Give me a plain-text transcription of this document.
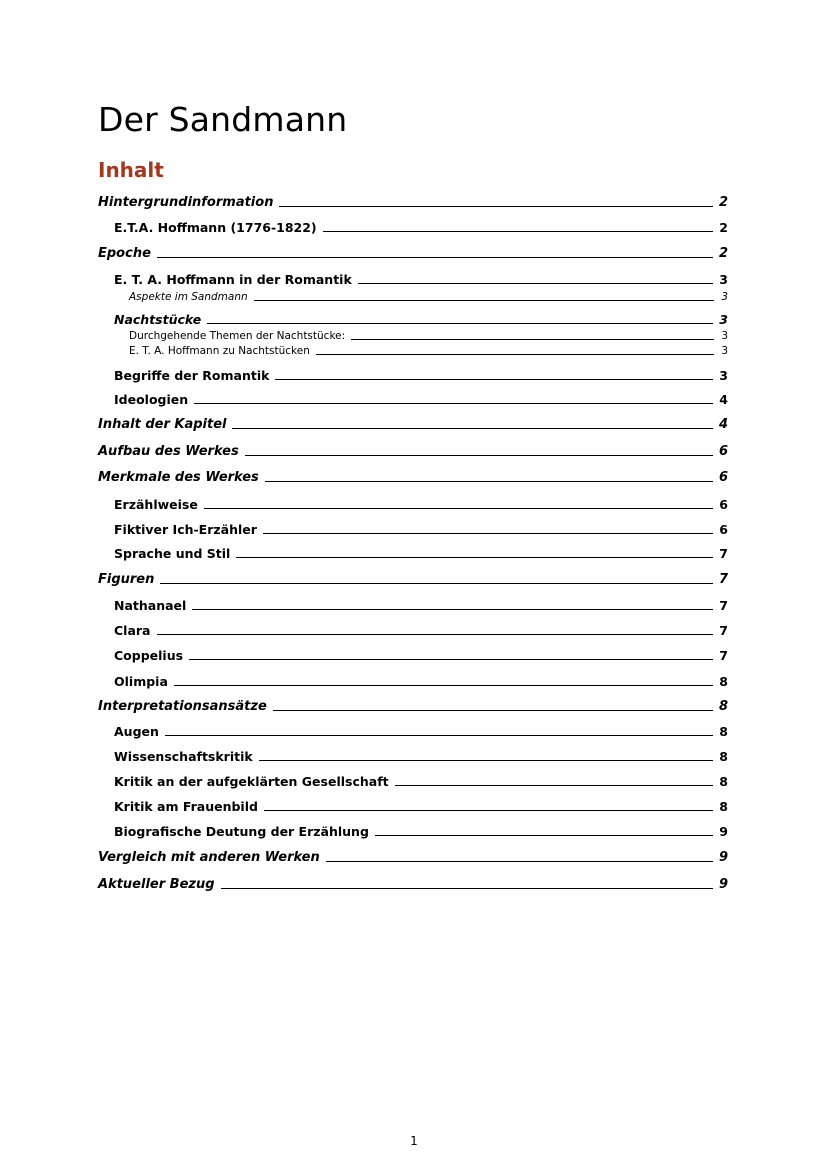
Der Sandmann
Inhalt
Hintergrundinformation	2
E.T.A. Hoffmann (1776-1822)	2
Epoche	2
E. T. A. Hoffmann in der Romantik	3
Aspekte im Sandmann	3
Nachtstücke	3
Durchgehende Themen der Nachtstücke:	3
E. T. A. Hoffmann zu Nachtstücken	3
Begriffe der Romantik	3
Ideologien	4
Inhalt der Kapitel	4
Aufbau des Werkes	6
Merkmale des Werkes	6
Erzählweise	6
Fiktiver Ich-Erzähler	6
Sprache und Stil	7
Figuren	7
Nathanael	7
Clara	7
Coppelius	7
Olimpia	8
Interpretationsansätze	8
Augen	8
Wissenschaftskritik	8
Kritik an der aufgeklärten Gesellschaft	8
Kritik am Frauenbild	8
Biografische Deutung der Erzählung	9
Vergleich mit anderen Werken	9
Aktueller Bezug	9
1
